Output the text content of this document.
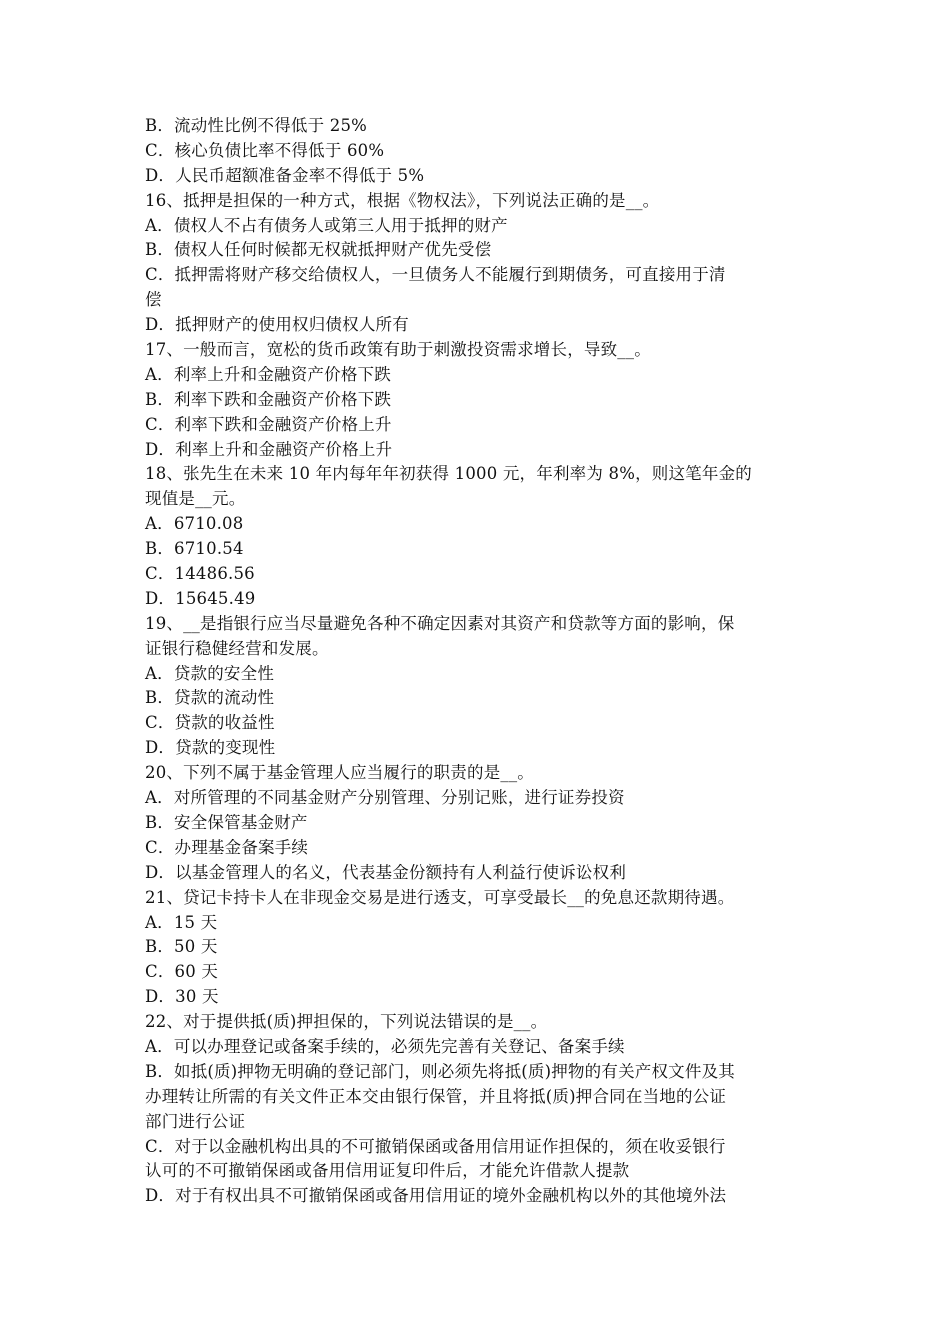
B．流动性比例不得低于 25%
C．核心负债比率不得低于 60%
D．人民币超额准备金率不得低于 5%
16、抵押是担保的一种方式，根据《物权法》，下列说法正确的是__。
A．债权人不占有债务人或第三人用于抵押的财产
B．债权人任何时候都无权就抵押财产优先受偿
C．抵押需将财产移交给债权人，一旦债务人不能履行到期债务，可直接用于清
偿
D．抵押财产的使用权归债权人所有
17、一般而言，宽松的货币政策有助于刺激投资需求增长，导致__。
A．利率上升和金融资产价格下跌
B．利率下跌和金融资产价格下跌
C．利率下跌和金融资产价格上升
D．利率上升和金融资产价格上升
18、张先生在未来 10 年内每年年初获得 1000 元，年利率为 8%，则这笔年金的
现值是__元。
A．6710.08
B．6710.54
C．14486.56
D．15645.49
19、__是指银行应当尽量避免各种不确定因素对其资产和贷款等方面的影响，保
证银行稳健经营和发展。
A．贷款的安全性
B．贷款的流动性
C．贷款的收益性
D．贷款的变现性
20、下列不属于基金管理人应当履行的职责的是__。
A．对所管理的不同基金财产分别管理、分别记账，进行证券投资
B．安全保管基金财产
C．办理基金备案手续
D．以基金管理人的名义，代表基金份额持有人利益行使诉讼权利
21、贷记卡持卡人在非现金交易是进行透支，可享受最长__的免息还款期待遇。
A．15 天
B．50 天
C．60 天
D．30 天
22、对于提供抵(质)押担保的，下列说法错误的是__。
A．可以办理登记或备案手续的，必须先完善有关登记、备案手续
B．如抵(质)押物无明确的登记部门，则必须先将抵(质)押物的有关产权文件及其
办理转让所需的有关文件正本交由银行保管，并且将抵(质)押合同在当地的公证
部门进行公证
C．对于以金融机构出具的不可撤销保函或备用信用证作担保的，须在收妥银行
认可的不可撤销保函或备用信用证复印件后，才能允许借款人提款
D．对于有权出具不可撤销保函或备用信用证的境外金融机构以外的其他境外法
